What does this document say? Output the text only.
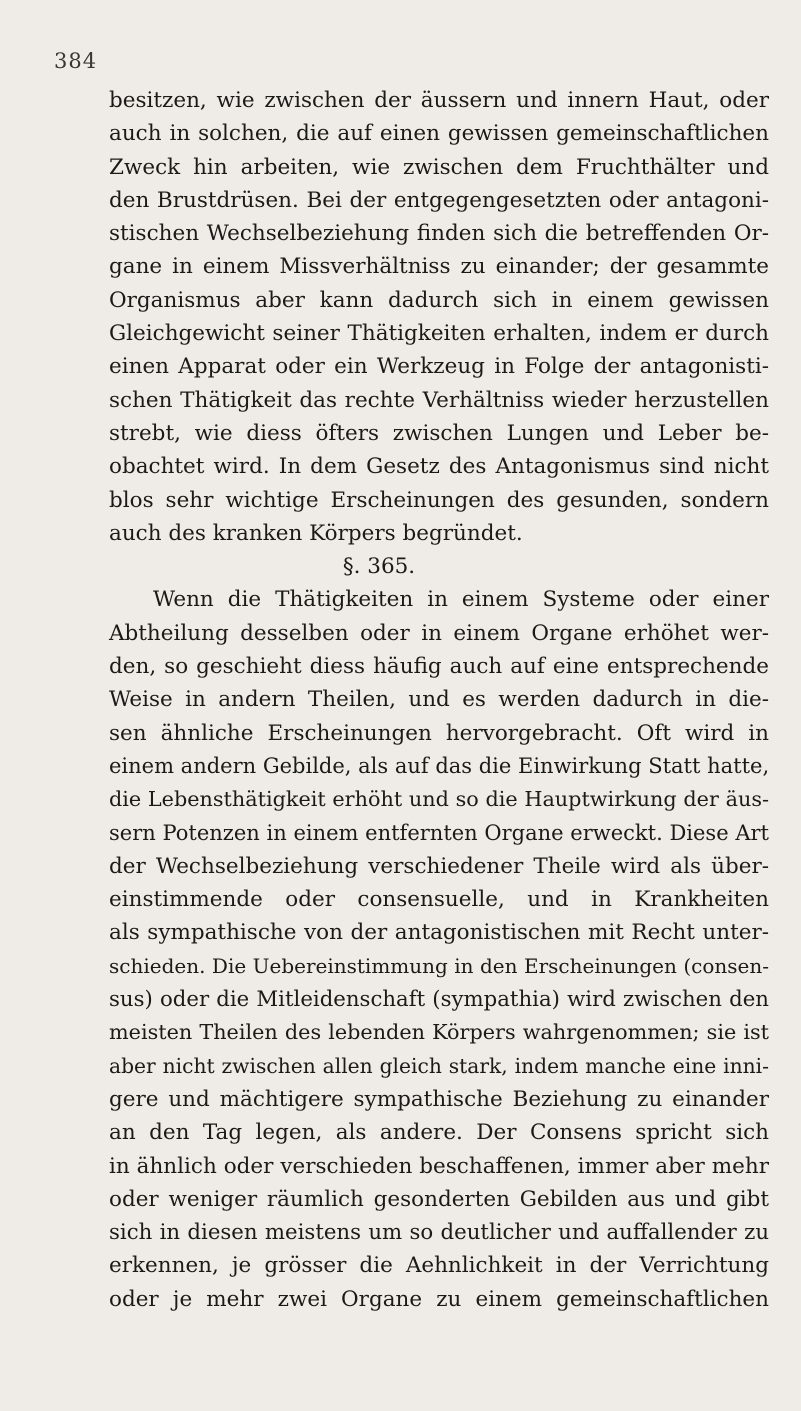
384
besitzen, wie zwischen der äussern und innern Haut, oder
auch in solchen, die auf einen gewissen gemeinschaftlichen
Zweck hin arbeiten, wie zwischen dem Fruchthälter und
den Brustdrüsen. Bei der entgegengesetzten oder antagoni-
stischen Wechselbeziehung finden sich die betreffenden Or-
gane in einem Missverhältniss zu einander; der gesammte
Organismus aber kann dadurch sich in einem gewissen
Gleichgewicht seiner Thätigkeiten erhalten, indem er durch
einen Apparat oder ein Werkzeug in Folge der antagonisti-
schen Thätigkeit das rechte Verhältniss wieder herzustellen
strebt, wie diess öfters zwischen Lungen und Leber be-
obachtet wird. In dem Gesetz des Antagonismus sind nicht
blos sehr wichtige Erscheinungen des gesunden, sondern
auch des kranken Körpers begründet.
§. 365.
Wenn die Thätigkeiten in einem Systeme oder einer
Abtheilung desselben oder in einem Organe erhöhet wer-
den, so geschieht diess häufig auch auf eine entsprechende
Weise in andern Theilen, und es werden dadurch in die-
sen ähnliche Erscheinungen hervorgebracht. Oft wird in
einem andern Gebilde, als auf das die Einwirkung Statt hatte,
die Lebensthätigkeit erhöht und so die Hauptwirkung der äus-
sern Potenzen in einem entfernten Organe erweckt. Diese Art
der Wechselbeziehung verschiedener Theile wird als über-
einstimmende oder consensuelle, und in Krankheiten
als sympathische von der antagonistischen mit Recht unter-
schieden. Die Uebereinstimmung in den Erscheinungen (consen-
sus) oder die Mitleidenschaft (sympathia) wird zwischen den
meisten Theilen des lebenden Körpers wahrgenommen; sie ist
aber nicht zwischen allen gleich stark, indem manche eine inni-
gere und mächtigere sympathische Beziehung zu einander
an den Tag legen, als andere. Der Consens spricht sich
in ähnlich oder verschieden beschaffenen, immer aber mehr
oder weniger räumlich gesonderten Gebilden aus und gibt
sich in diesen meistens um so deutlicher und auffallender zu
erkennen, je grösser die Aehnlichkeit in der Verrichtung
oder je mehr zwei Organe zu einem gemeinschaftlichen
